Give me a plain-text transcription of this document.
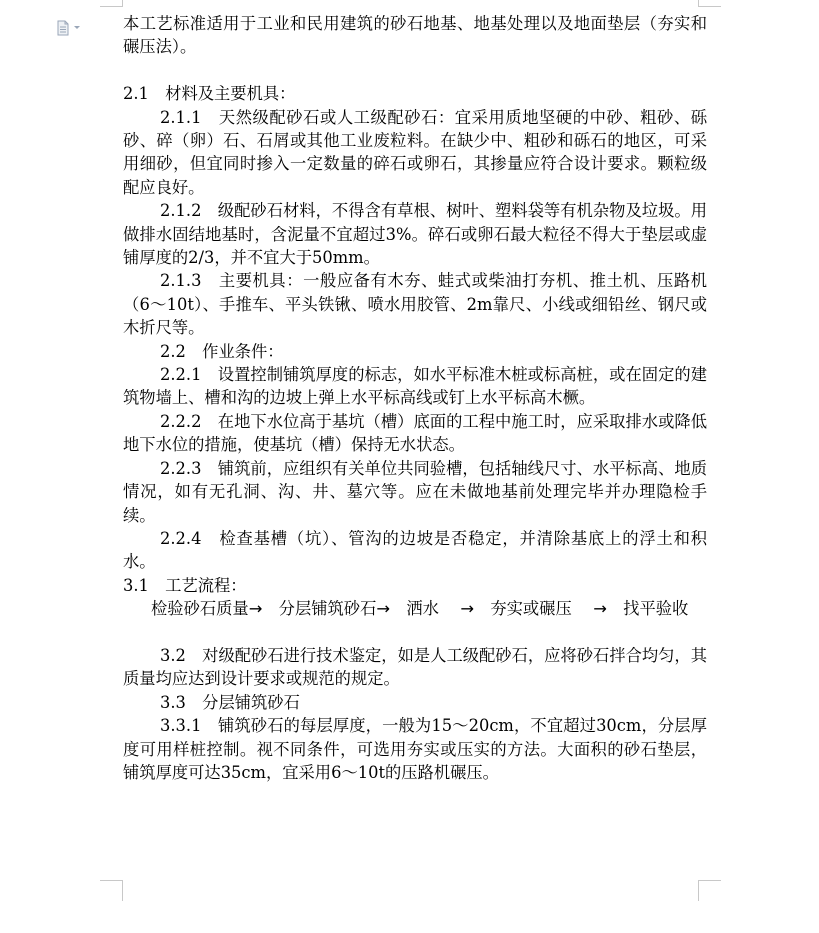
本工艺标准适用于工业和民用建筑的砂石地基、地基处理以及地面垫层（夯实和碾压法）。

2.1　材料及主要机具：

2.1.1　天然级配砂石或人工级配砂石：宜采用质地坚硬的中砂、粗砂、砾砂、碎（卵）石、石屑或其他工业废粒料。在缺少中、粗砂和砾石的地区，可采用细砂，但宜同时掺入一定数量的碎石或卵石，其掺量应符合设计要求。颗粒级配应良好。

2.1.2　级配砂石材料，不得含有草根、树叶、塑料袋等有机杂物及垃圾。用做排水固结地基时，含泥量不宜超过3%。碎石或卵石最大粒径不得大于垫层或虚铺厚度的2/3，并不宜大于50mm。

2.1.3　主要机具：一般应备有木夯、蛙式或柴油打夯机、推土机、压路机（6～10t）、手推车、平头铁锹、喷水用胶管、2m靠尺、小线或细铅丝、钢尺或木折尺等。

2.2　作业条件：

2.2.1　设置控制铺筑厚度的标志，如水平标准木桩或标高桩，或在固定的建筑物墙上、槽和沟的边坡上弹上水平标高线或钉上水平标高木橛。

2.2.2　在地下水位高于基坑（槽）底面的工程中施工时，应采取排水或降低地下水位的措施，使基坑（槽）保持无水状态。

2.2.3　铺筑前，应组织有关单位共同验槽，包括轴线尺寸、水平标高、地质情况，如有无孔洞、沟、井、墓穴等。应在未做地基前处理完毕并办理隐检手续。

2.2.4　检查基槽（坑）、管沟的边坡是否稳定，并清除基底上的浮土和积水。

3.1　工艺流程：

检验砂石质量→　 分层铺筑砂石→　 洒水　 →　 夯实或碾压　 →　 找平验收

3.2　对级配砂石进行技术鉴定，如是人工级配砂石，应将砂石拌合均匀，其质量均应达到设计要求或规范的规定。

3.3　分层铺筑砂石

3.3.1　铺筑砂石的每层厚度，一般为15～20cm，不宜超过30cm，分层厚度可用样桩控制。视不同条件，可选用夯实或压实的方法。大面积的砂石垫层，铺筑厚度可达35cm，宜采用6～10t的压路机碾压。
